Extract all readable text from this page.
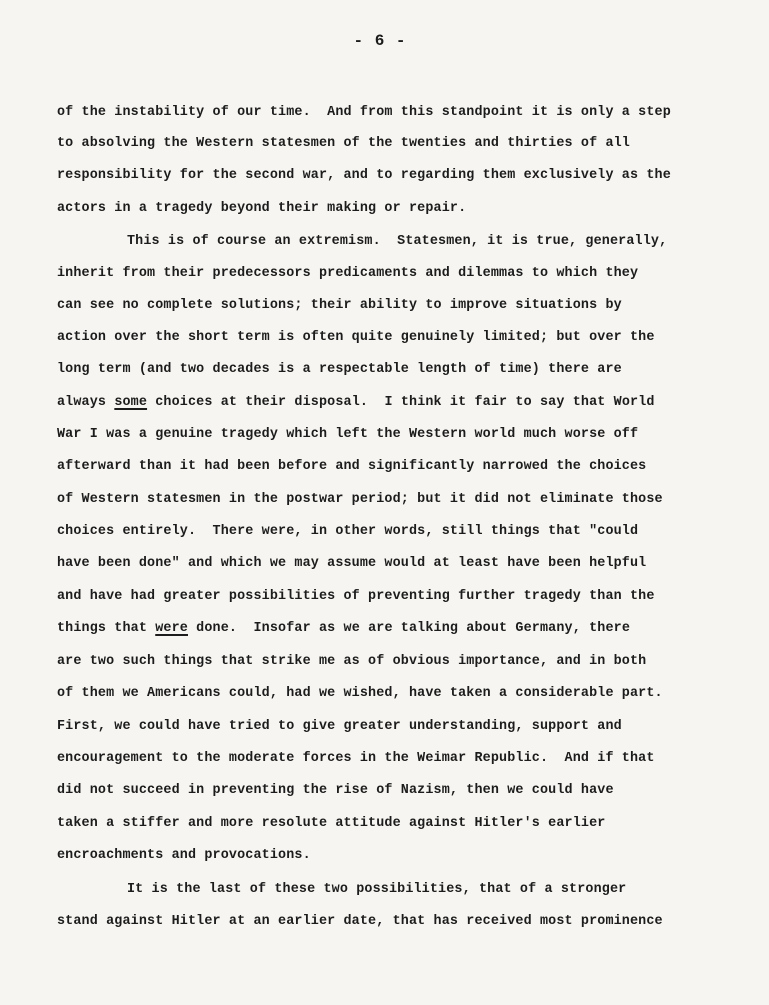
- 6 -
of the instability of our time.  And from this standpoint it is only a step
to absolving the Western statesmen of the twenties and thirties of all
responsibility for the second war, and to regarding them exclusively as the
actors in a tragedy beyond their making or repair.
This is of course an extremism.  Statesmen, it is true, generally,
inherit from their predecessors predicaments and dilemmas to which they
can see no complete solutions; their ability to improve situations by
action over the short term is often quite genuinely limited; but over the
long term (and two decades is a respectable length of time) there are
always some choices at their disposal.  I think it fair to say that World
War I was a genuine tragedy which left the Western world much worse off
afterward than it had been before and significantly narrowed the choices
of Western statesmen in the postwar period; but it did not eliminate those
choices entirely.  There were, in other words, still things that "could
have been done" and which we may assume would at least have been helpful
and have had greater possibilities of preventing further tragedy than the
things that were done.  Insofar as we are talking about Germany, there
are two such things that strike me as of obvious importance, and in both
of them we Americans could, had we wished, have taken a considerable part.
First, we could have tried to give greater understanding, support and
encouragement to the moderate forces in the Weimar Republic.  And if that
did not succeed in preventing the rise of Nazism, then we could have
taken a stiffer and more resolute attitude against Hitler's earlier
encroachments and provocations.
It is the last of these two possibilities, that of a stronger
stand against Hitler at an earlier date, that has received most prominence
